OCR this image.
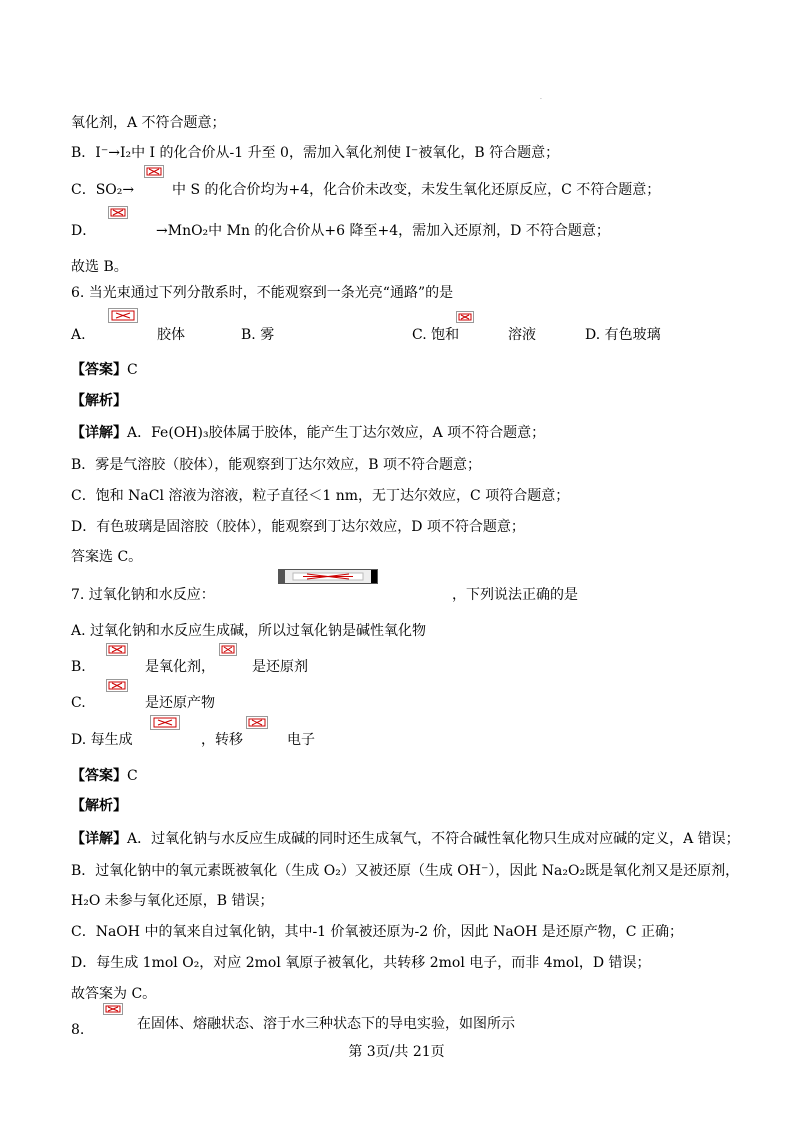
·
氧化剂，A 不符合题意；
B．I⁻→I₂中 I 的化合价从-1 升至 0，需加入氧化剂使 I⁻被氧化，B 符合题意；
C．SO₂→	中 S 的化合价均为+4，化合价未改变，未发生氧化还原反应，C 不符合题意；
D．	→MnO₂中 Mn 的化合价从+6 降至+4，需加入还原剂，D 不符合题意；
故选 B。
6. 当光束通过下列分散系时，不能观察到一条光亮“通路”的是
A.	胶体	B. 雾	C. 饱和	溶液	D. 有色玻璃
【答案】C
【解析】
【详解】A．Fe(OH)₃胶体属于胶体，能产生丁达尔效应，A 项不符合题意；
B．雾是气溶胶（胶体），能观察到丁达尔效应，B 项不符合题意；
C．饱和 NaCl 溶液为溶液，粒子直径＜1 nm，无丁达尔效应，C 项符合题意；
D．有色玻璃是固溶胶（胶体），能观察到丁达尔效应，D 项不符合题意；
答案选 C。
7. 过氧化钠和水反应：	，下列说法正确的是
A. 过氧化钠和水反应生成碱，所以过氧化钠是碱性氧化物
B.	是氧化剂，	是还原剂
C.	是还原产物
D. 每生成	，转移	电子
【答案】C
【解析】
【详解】A．过氧化钠与水反应生成碱的同时还生成氧气，不符合碱性氧化物只生成对应碱的定义，A 错误；
B．过氧化钠中的氧元素既被氧化（生成 O₂）又被还原（生成 OH⁻），因此 Na₂O₂既是氧化剂又是还原剂，
H₂O 未参与氧化还原，B 错误；
C．NaOH 中的氧来自过氧化钠，其中-1 价氧被还原为-2 价，因此 NaOH 是还原产物，C 正确；
D．每生成 1mol O₂，对应 2mol 氧原子被氧化，共转移 2mol 电子，而非 4mol，D 错误；
故答案为 C。
8.	在固体、熔融状态、溶于水三种状态下的导电实验，如图所示
第 3页/共 21页
